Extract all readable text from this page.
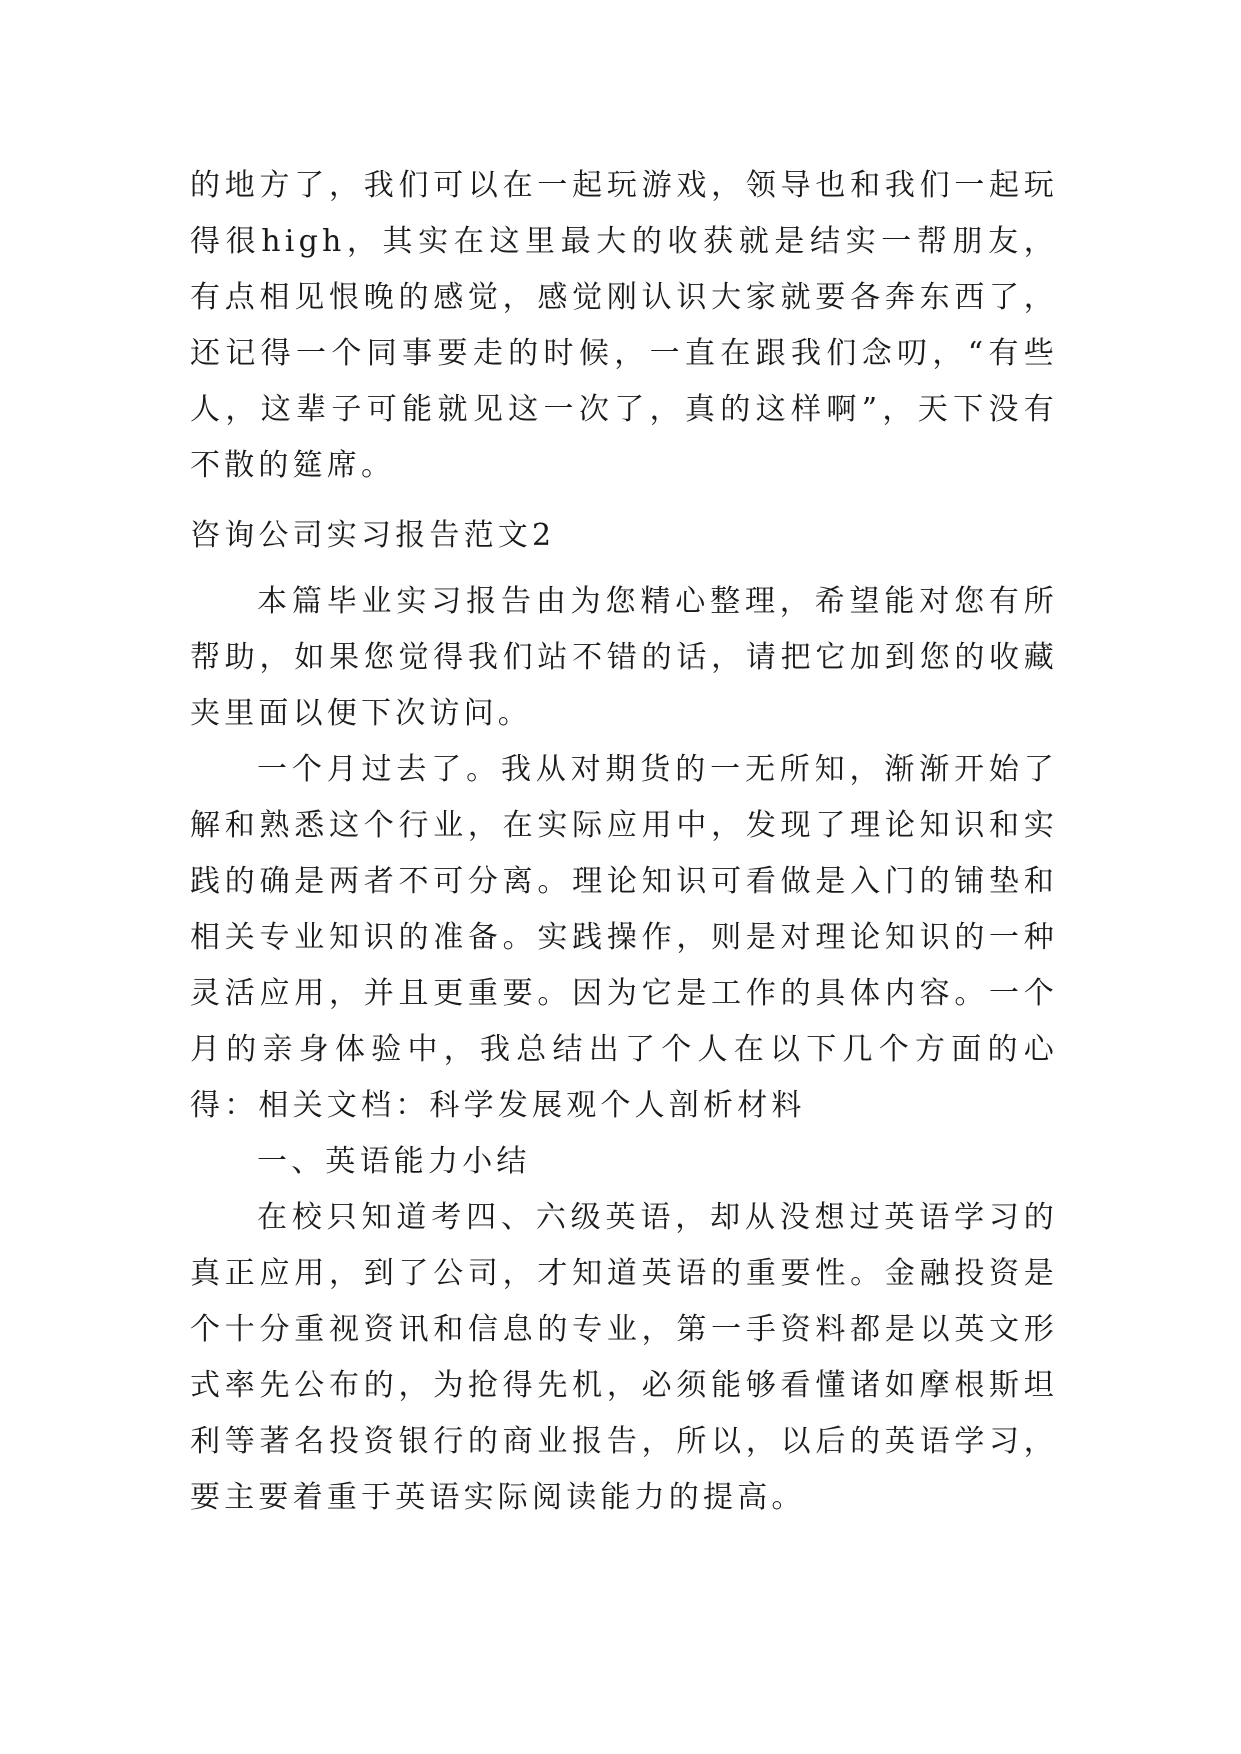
的地方了，我们可以在一起玩游戏，领导也和我们一起玩得很high，其实在这里最大的收获就是结实一帮朋友，有点相见恨晚的感觉，感觉刚认识大家就要各奔东西了，还记得一个同事要走的时候，一直在跟我们念叨，“有些人，这辈子可能就见这一次了，真的这样啊”，天下没有不散的筵席。

咨询公司实习报告范文2

本篇毕业实习报告由为您精心整理，希望能对您有所帮助，如果您觉得我们站不错的话，请把它加到您的收藏夹里面以便下次访问。

一个月过去了。我从对期货的一无所知，渐渐开始了解和熟悉这个行业，在实际应用中，发现了理论知识和实践的确是两者不可分离。理论知识可看做是入门的铺垫和相关专业知识的准备。实践操作，则是对理论知识的一种灵活应用，并且更重要。因为它是工作的具体内容。一个月的亲身体验中，我总结出了个人在以下几个方面的心得：相关文档：科学发展观个人剖析材料

一、英语能力小结

在校只知道考四、六级英语，却从没想过英语学习的真正应用，到了公司，才知道英语的重要性。金融投资是个十分重视资讯和信息的专业，第一手资料都是以英文形式率先公布的，为抢得先机，必须能够看懂诸如摩根斯坦利等著名投资银行的商业报告，所以，以后的英语学习，要主要着重于英语实际阅读能力的提高。
